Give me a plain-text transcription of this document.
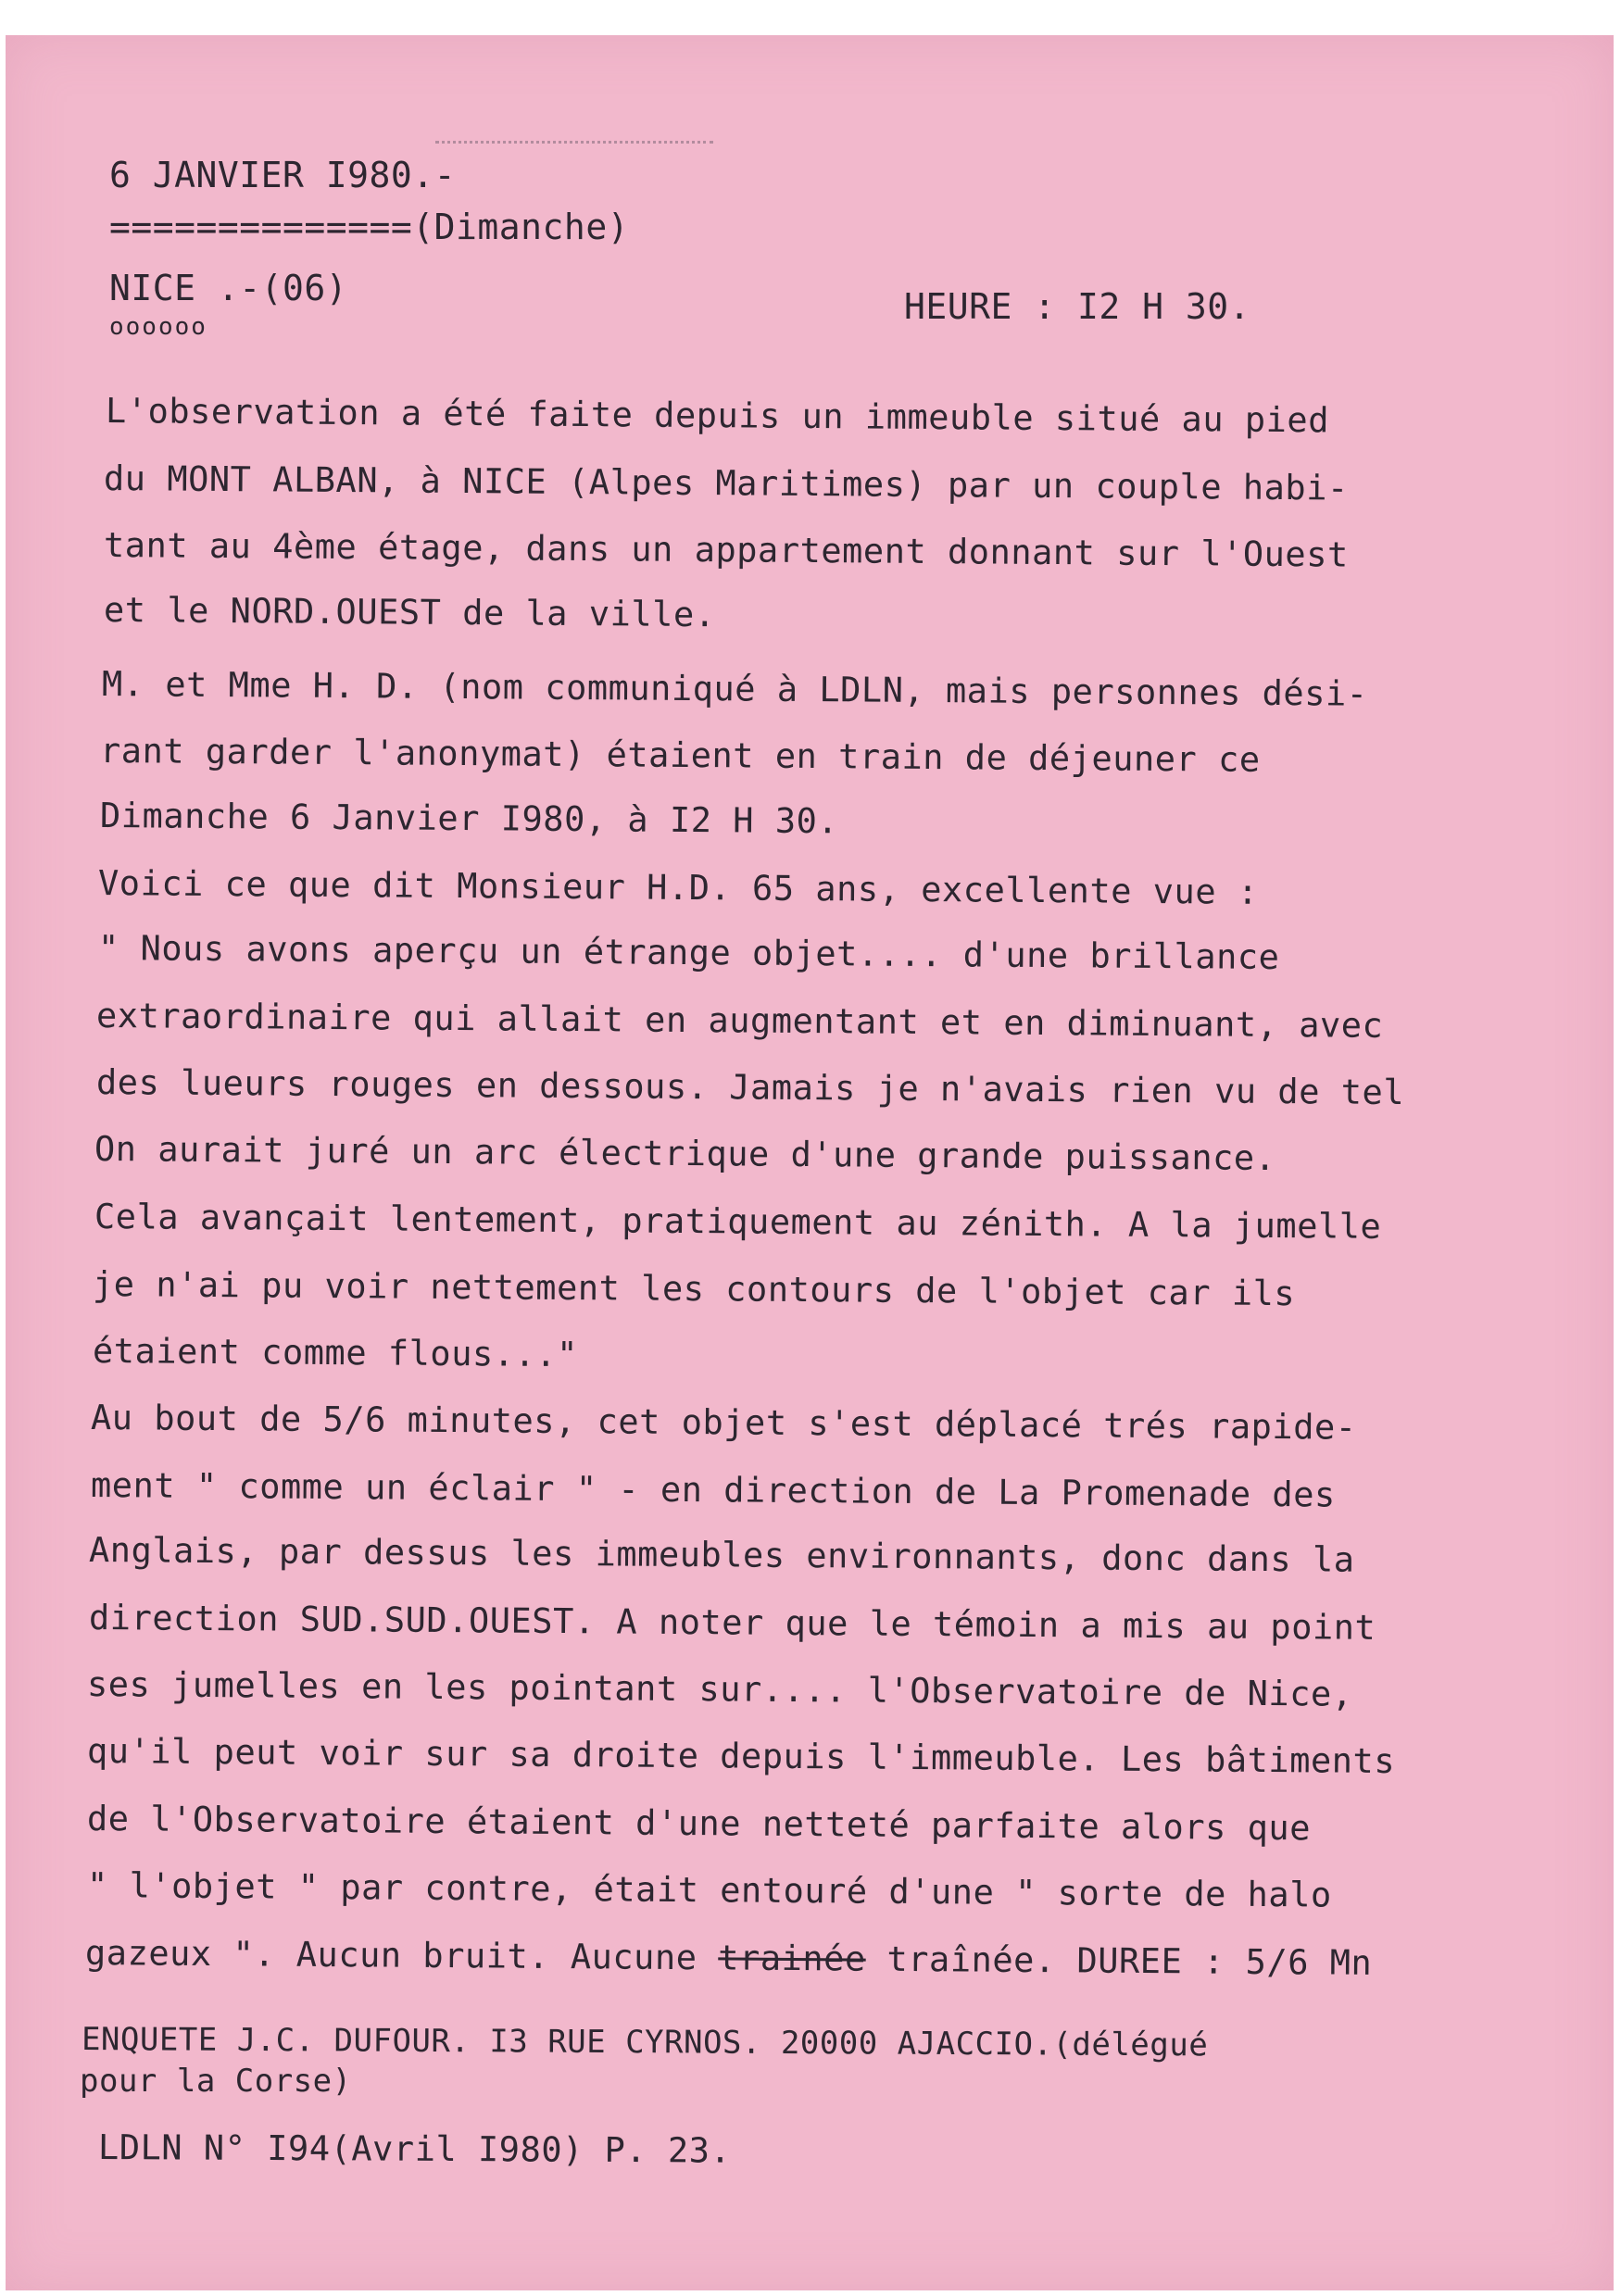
6 JANVIER I980.-
==============(Dimanche)
NICE .-(06)
oooooo	HEURE : I2 H 30.
L'observation a été faite depuis un immeuble situé au pied
du MONT ALBAN, à NICE (Alpes Maritimes) par un couple habi-
tant au 4ème étage, dans un appartement donnant sur l'Ouest
et le NORD.OUEST de la ville.
M. et Mme H. D. (nom communiqué à LDLN, mais personnes dési-
rant garder l'anonymat) étaient en train de déjeuner ce
Dimanche 6 Janvier I980, à I2 H 30.
Voici ce que dit Monsieur H.D. 65 ans, excellente vue :
" Nous avons aperçu un étrange objet.... d'une brillance
extraordinaire qui allait en augmentant et en diminuant, avec
des lueurs rouges en dessous. Jamais je n'avais rien vu de tel
On aurait juré un arc électrique d'une grande puissance.
Cela avançait lentement, pratiquement au zénith. A la jumelle
je n'ai pu voir nettement les contours de l'objet car ils
étaient comme flous..."
Au bout de 5/6 minutes, cet objet s'est déplacé trés rapide-
ment " comme un éclair " - en direction de La Promenade des
Anglais, par dessus les immeubles environnants, donc dans la
direction SUD.SUD.OUEST. A noter que le témoin a mis au point
ses jumelles en les pointant sur.... l'Observatoire de Nice,
qu'il peut voir sur sa droite depuis l'immeuble. Les bâtiments
de l'Observatoire étaient d'une netteté parfaite alors que
" l'objet " par contre, était entouré d'une " sorte de halo
gazeux ". Aucun bruit. Aucune trainée traînée. DUREE : 5/6 Mn
ENQUETE J.C. DUFOUR. I3 RUE CYRNOS. 20000 AJACCIO.(délégué
pour la Corse)
LDLN N° I94(Avril I980) P. 23.
